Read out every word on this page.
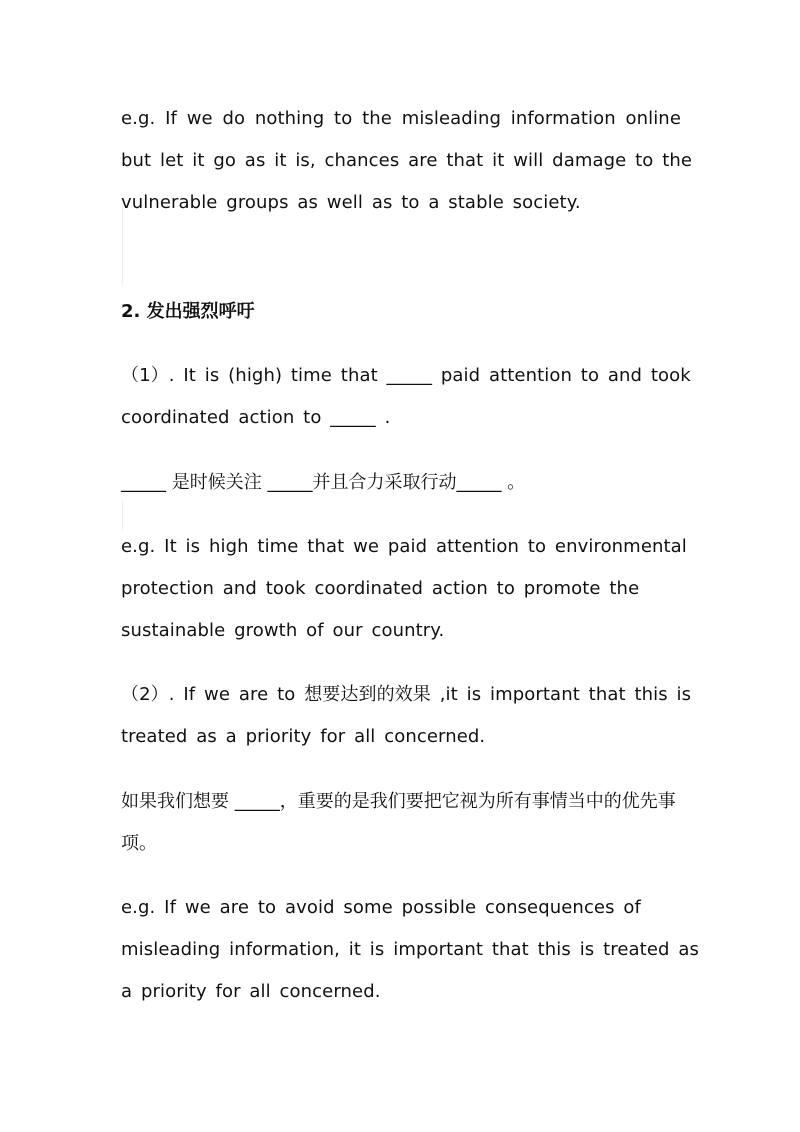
e.g. If we do nothing to the misleading information online
but let it go as it is, chances are that it will damage to the
vulnerable groups as well as to a stable society.
2. 发出强烈呼吁
（1）. It is (high) time that _____ paid attention to and took
coordinated action to _____ .
_____ 是时候关注 _____并且合力采取行动_____ 。
e.g. It is high time that we paid attention to environmental
protection and took coordinated action to promote the
sustainable growth of our country.
（2）. If we are to 想要达到的效果 ,it is important that this is
treated as a priority for all concerned.
如果我们想要 _____，重要的是我们要把它视为所有事情当中的优先事
项。
e.g. If we are to avoid some possible consequences of
misleading information, it is important that this is treated as
a priority for all concerned.
